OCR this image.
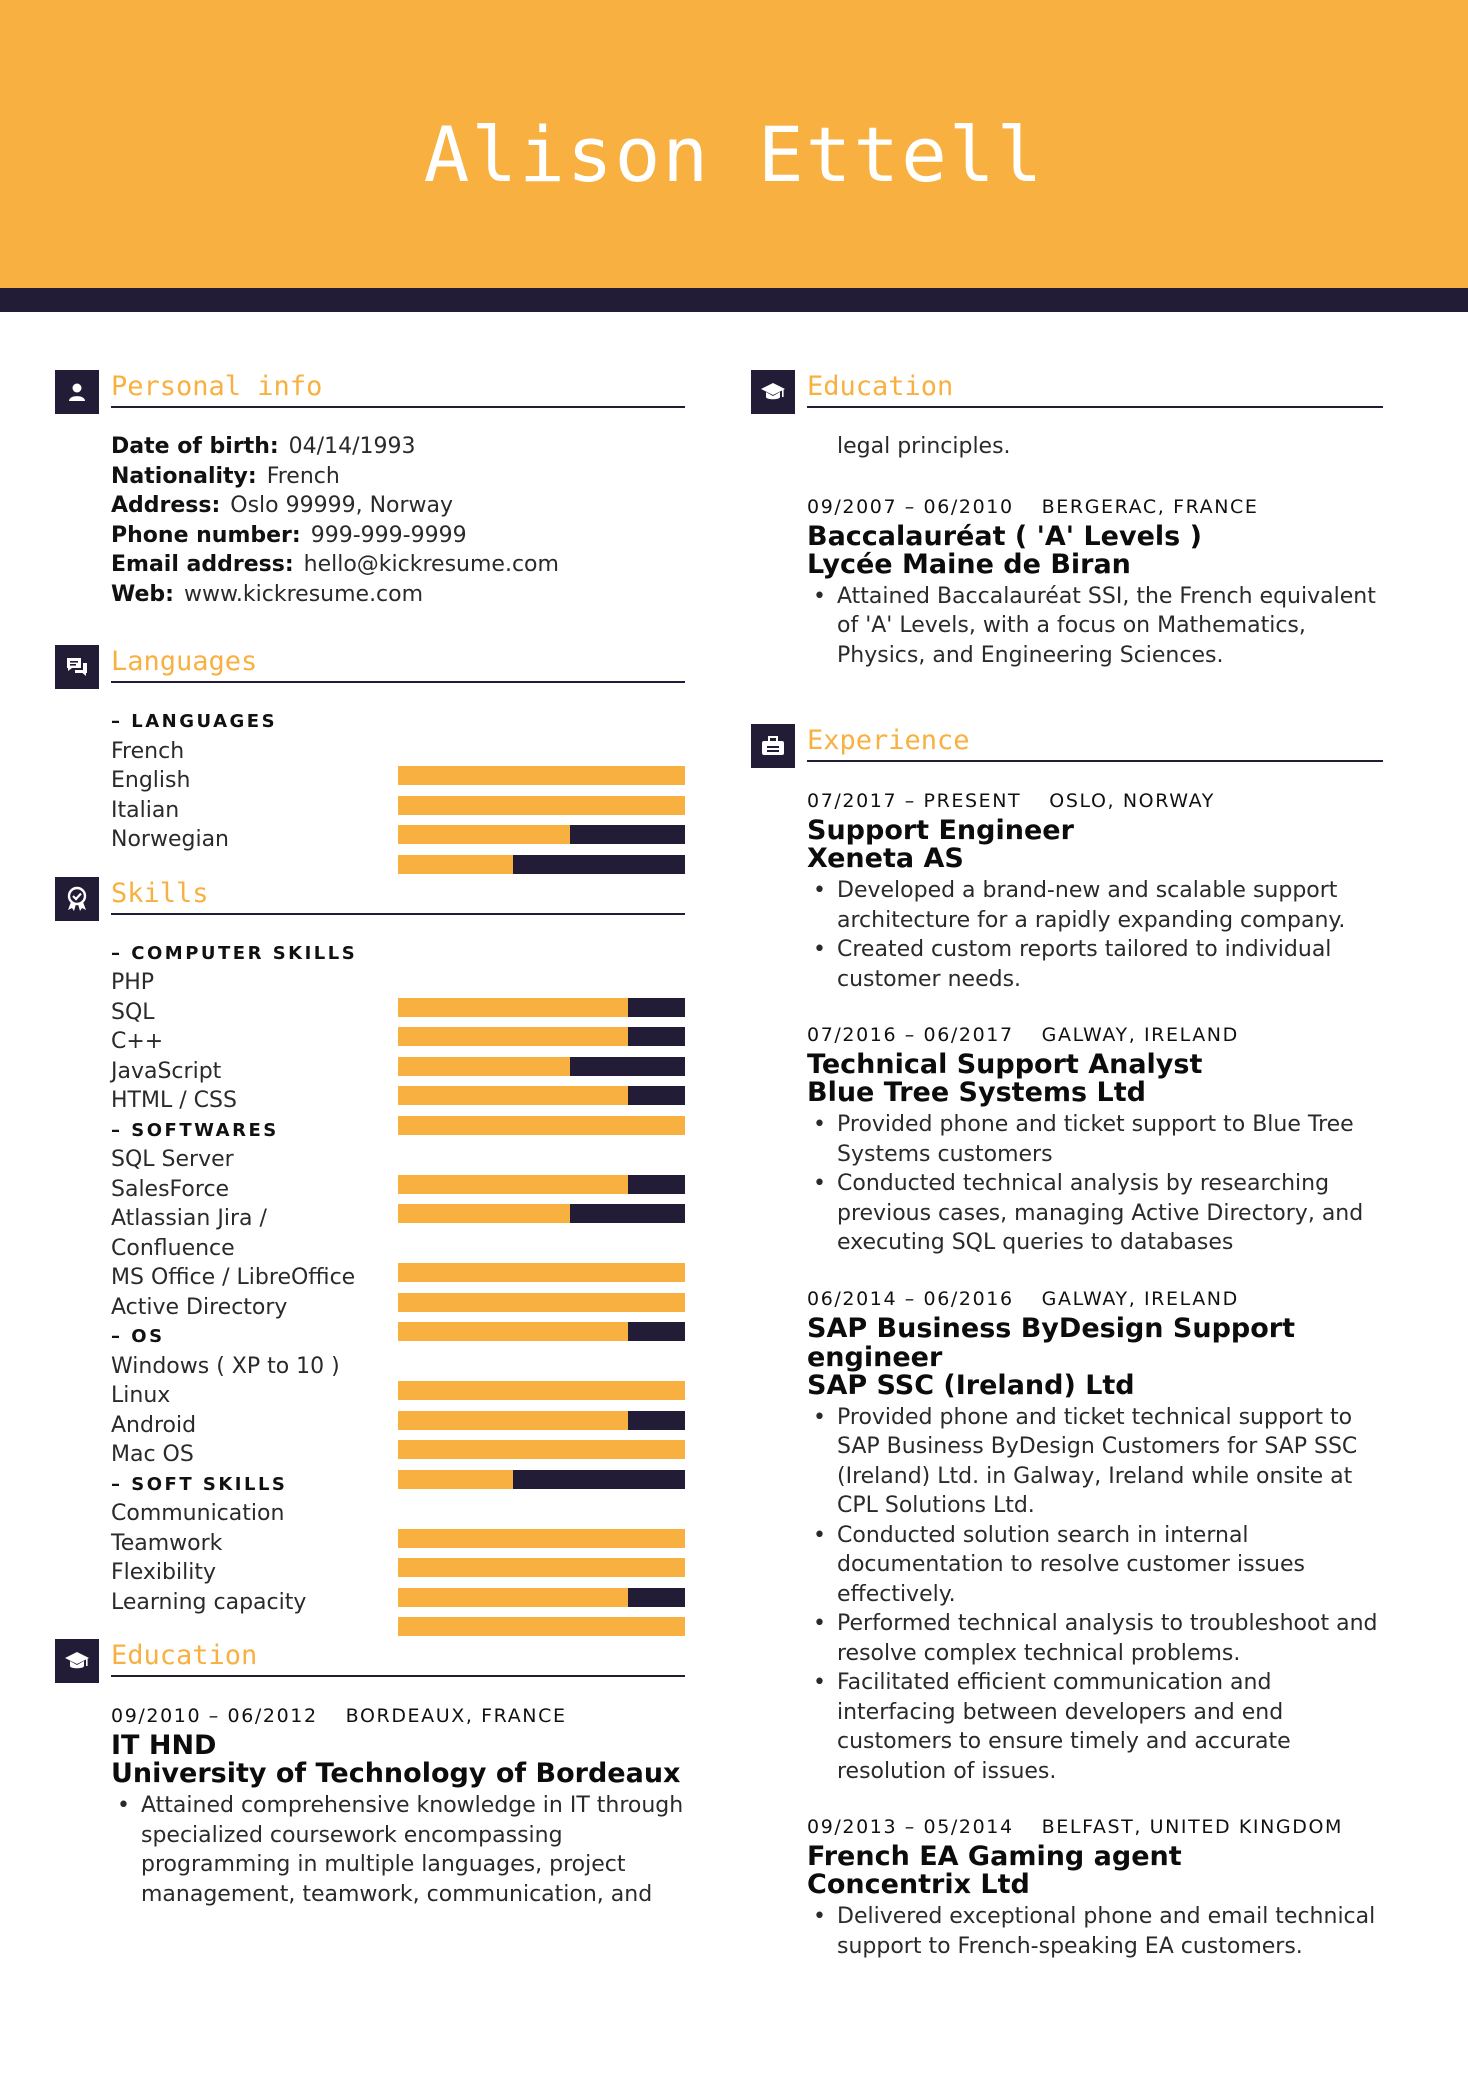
Alison Ettell
Personal info
Date of birth: 04/14/1993
Nationality: French
Address: Oslo 99999, Norway
Phone number: 999-999-9999
Email address: hello@kickresume.com
Web: www.kickresume.com
Languages
– LANGUAGES
French
English
Italian
Norwegian
Skills
– COMPUTER SKILLS
PHP
SQL
C++
JavaScript
HTML / CSS
– SOFTWARES
SQL Server
SalesForce
Atlassian Jira / Confluence
MS Office / LibreOffice
Active Directory
– OS
Windows ( XP to 10 )
Linux
Android
Mac OS
– SOFT SKILLS
Communication
Teamwork
Flexibility
Learning capacity
Education
09/2010 – 06/2012 BORDEAUX, FRANCE
IT HND
University of Technology of Bordeaux
• Attained comprehensive knowledge in IT through specialized coursework encompassing programming in multiple languages, project management, teamwork, communication, and
Education
legal principles.
09/2007 – 06/2010 BERGERAC, FRANCE
Baccalauréat ( 'A' Levels )
Lycée Maine de Biran
• Attained Baccalauréat SSI, the French equivalent of 'A' Levels, with a focus on Mathematics, Physics, and Engineering Sciences.
Experience
07/2017 – PRESENT OSLO, NORWAY
Support Engineer
Xeneta AS
• Developed a brand-new and scalable support architecture for a rapidly expanding company.
• Created custom reports tailored to individual customer needs.
07/2016 – 06/2017 GALWAY, IRELAND
Technical Support Analyst
Blue Tree Systems Ltd
• Provided phone and ticket support to Blue Tree Systems customers
• Conducted technical analysis by researching previous cases, managing Active Directory, and executing SQL queries to databases
06/2014 – 06/2016 GALWAY, IRELAND
SAP Business ByDesign Support engineer
SAP SSC (Ireland) Ltd
• Provided phone and ticket technical support to SAP Business ByDesign Customers for SAP SSC (Ireland) Ltd. in Galway, Ireland while onsite at CPL Solutions Ltd.
• Conducted solution search in internal documentation to resolve customer issues effectively.
• Performed technical analysis to troubleshoot and resolve complex technical problems.
• Facilitated efficient communication and interfacing between developers and end customers to ensure timely and accurate resolution of issues.
09/2013 – 05/2014 BELFAST, UNITED KINGDOM
French EA Gaming agent
Concentrix Ltd
• Delivered exceptional phone and email technical support to French-speaking EA customers.
